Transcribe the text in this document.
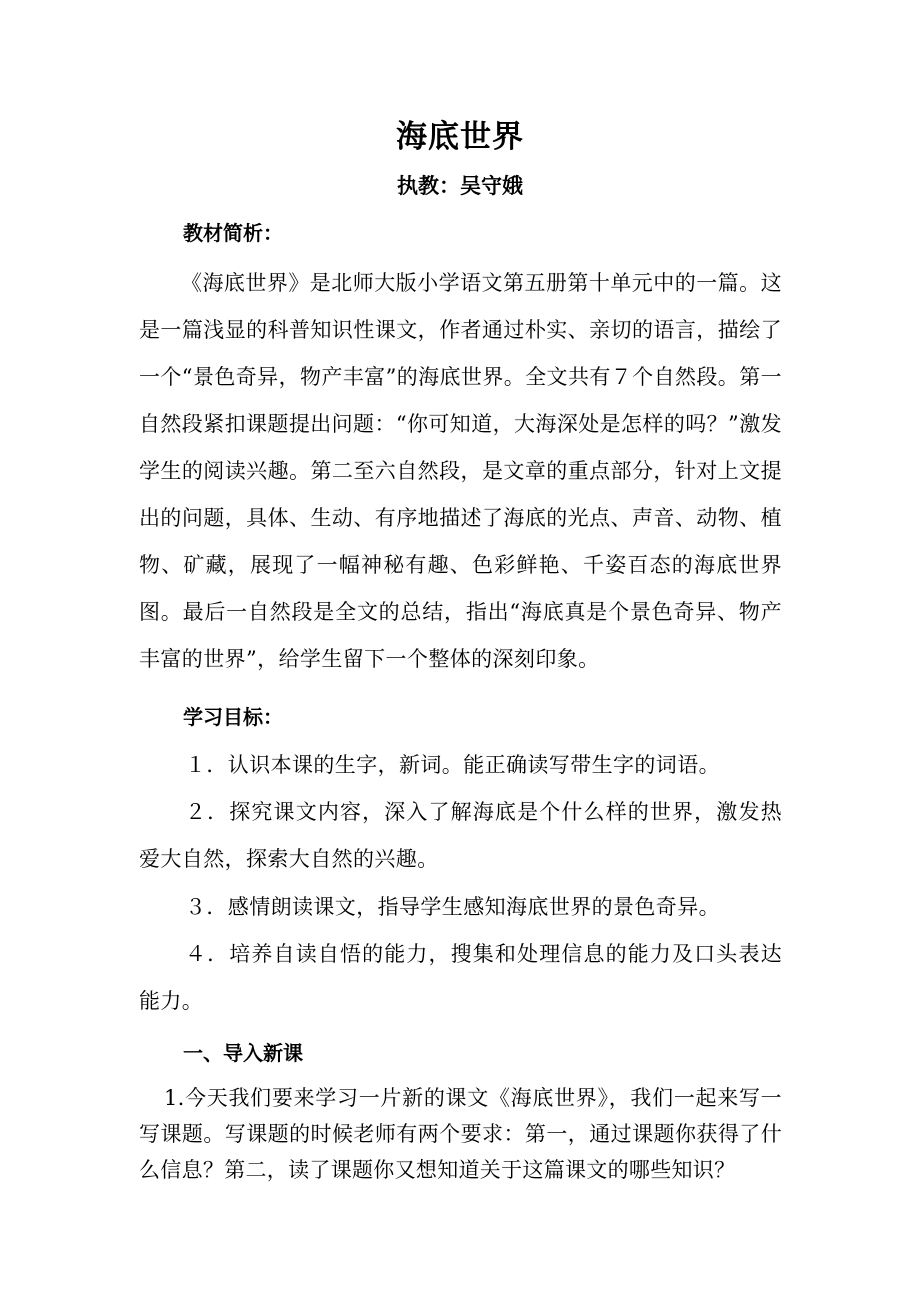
海底世界
执教：吴守娥
教材简析：

《海底世界》是北师大版小学语文第五册第十单元中的一篇。这是一篇浅显的科普知识性课文，作者通过朴实、亲切的语言，描绘了一个“景色奇异，物产丰富”的海底世界。全文共有７个自然段。第一自然段紧扣课题提出问题：“你可知道，大海深处是怎样的吗？”激发学生的阅读兴趣。第二至六自然段，是文章的重点部分，针对上文提出的问题，具体、生动、有序地描述了海底的光点、声音、动物、植物、矿藏，展现了一幅神秘有趣、色彩鲜艳、千姿百态的海底世界图。最后一自然段是全文的总结，指出“海底真是个景色奇异、物产丰富的世界”，给学生留下一个整体的深刻印象。

学习目标：

１．认识本课的生字，新词。能正确读写带生字的词语。

２．探究课文内容，深入了解海底是个什么样的世界，激发热爱大自然，探索大自然的兴趣。

３．感情朗读课文，指导学生感知海底世界的景色奇异。

４．培养自读自悟的能力，搜集和处理信息的能力及口头表达能力。

一、导入新课

1.今天我们要来学习一片新的课文《海底世界》，我们一起来写一写课题。写课题的时候老师有两个要求：第一，通过课题你获得了什么信息？第二，读了课题你又想知道关于这篇课文的哪些知识？
